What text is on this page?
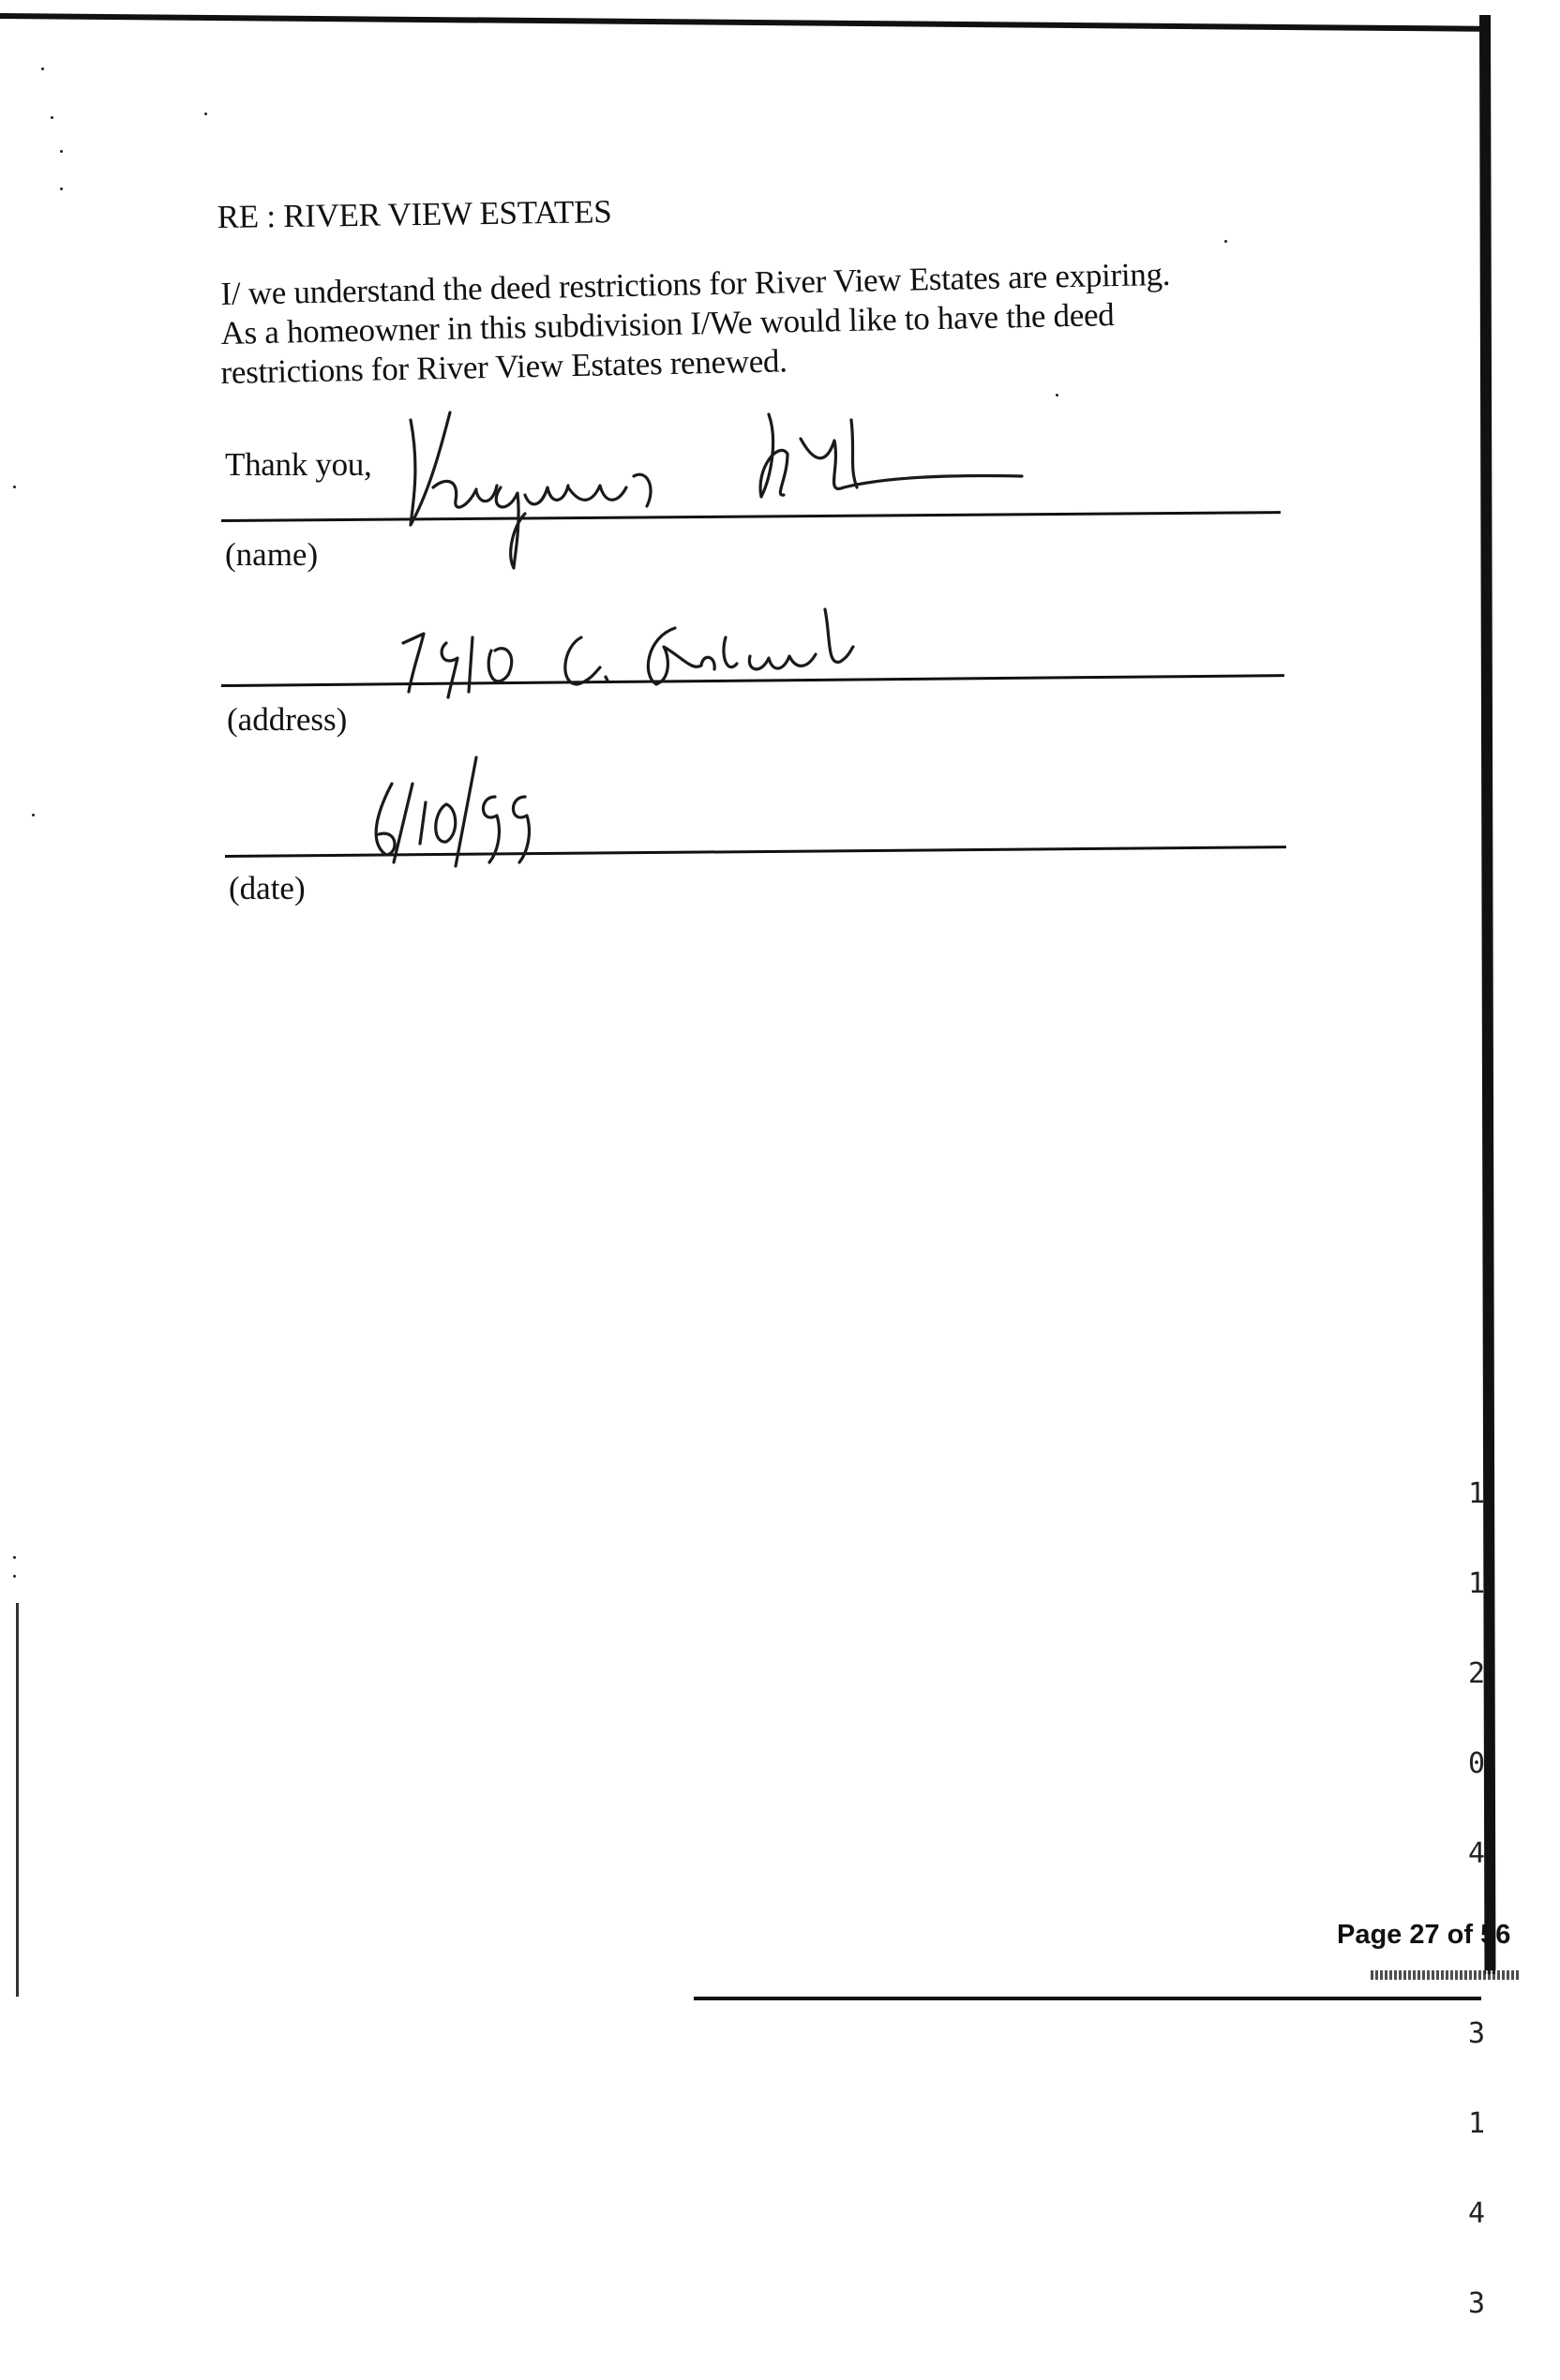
RE : RIVER VIEW ESTATES
I/ we understand the deed restrictions for River View Estates are expiring.
As a homeowner in this subdivision I/We would like to have the deed
restrictions for River View Estates renewed.
Thank you,
(name)
(address)
(date)

1

1

2

0

4

3

1

4

3

Page 27 of 56
